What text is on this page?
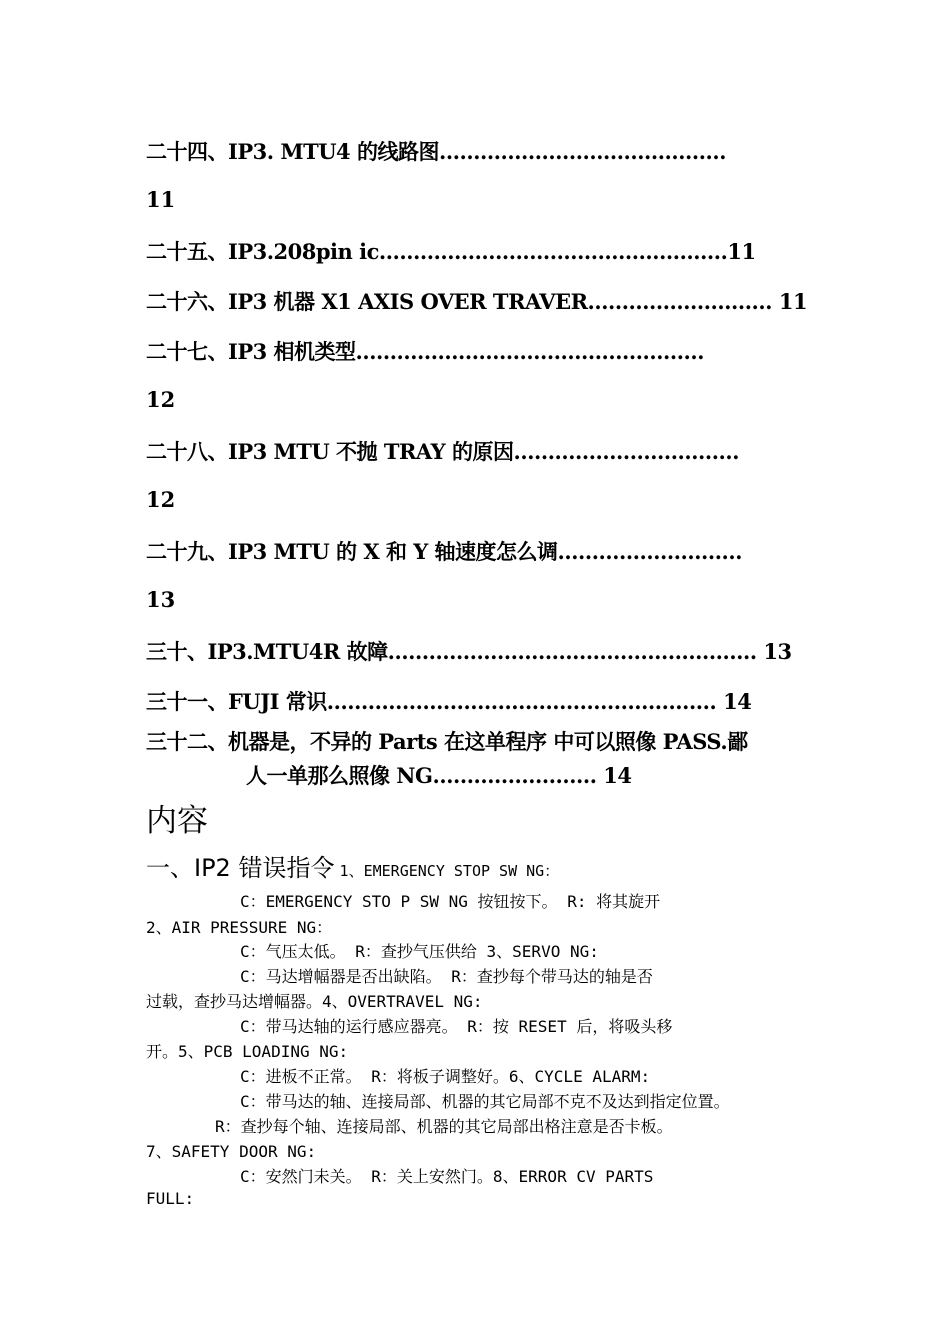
二十四、IP3. MTU4 的线路图……………………………………
11
二十五、IP3.208pin ic……………………………………………11
二十六、IP3 机器 X1 AXIS OVER TRAVER……………………… 11
二十七、IP3 相机类型……………………………………………
12
二十八、IP3 MTU 不抛 TRAY 的原因……………………………
12
二十九、IP3 MTU 的 X 和 Y 轴速度怎么调………………………
13
三十、IP3.MTU4R 故障……………………………………………… 13
三十一、FUJI 常识………………………………………………… 14
三十二、机器是，不异的 Parts 在这单程序 中可以照像 PASS.鄙
人一单那么照像 NG…………………… 14
内容
一、IP2 错误指令 1、EMERGENCY STOP SW NG：
C：EMERGENCY STO P SW NG 按钮按下。 R: 将其旋开
2、AIR PRESSURE NG：
C：气压太低。 R：查抄气压供给 3、SERVO NG:
C：马达增幅器是否出缺陷。 R：查抄每个带马达的轴是否
过载，查抄马达增幅器。4、OVERTRAVEL NG:
C：带马达轴的运行感应器亮。 R：按 RESET 后，将吸头移
开。5、PCB LOADING NG:
C：进板不正常。 R：将板子调整好。6、CYCLE ALARM:
C：带马达的轴、连接局部、机器的其它局部不克不及达到指定位置。
R：查抄每个轴、连接局部、机器的其它局部出格注意是否卡板。
7、SAFETY DOOR NG:
C：安然门未关。 R：关上安然门。8、ERROR CV PARTS
FULL:
